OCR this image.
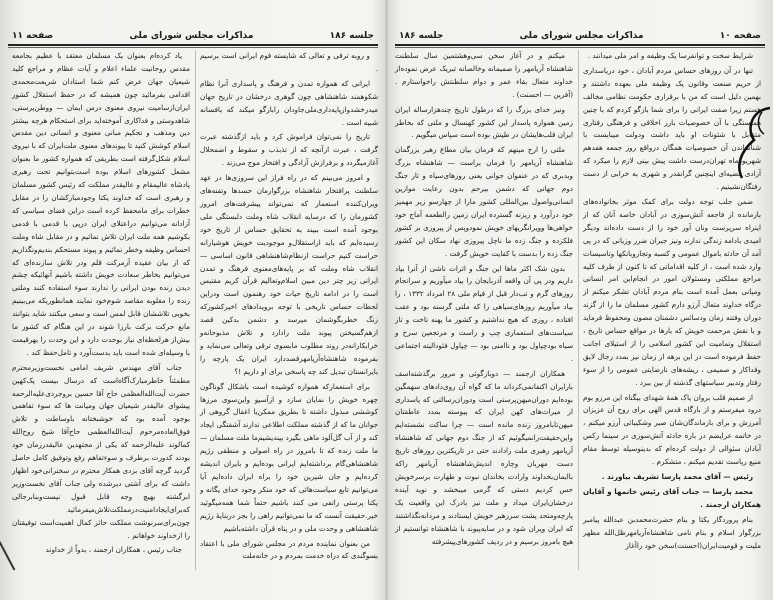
جلسه ۱۸۶
مذاکرات مجلس شورای ملی
صفحه ۱۱

و روبه ترقی و تعالی که شایسته قوم ایرانی است برسیم .

ایرانی که همواره تمدن و فرهنگ و پاسداری آنرا نظام شکوهمند شاهنشاهی چون گوهری درخشان در تاریخ جهان میدرخشد‌وازپایه‌داری‌ملی‌جاودان راباز‌گو میکند که بافسانه شبیه است .

تاریخ را نمی‌توان فراموش کرد و باید ازگذشته عبرت گرفت ، عبرت ازآنچه که از تذبذب و سقوط و اضمحلال آغازمیگردد و برفرازش آزادگی و افتخار موج می‌زند .

و امروز می‌بینم که در راه فراز این سروزی‌ها در عهد سلطنت پرافتخار شاهنشاه بزرگوارمان حسدها وتفنه‌های ویران‌کننده استعمار که نمی‌تواند پیشرفت‌های امروز کشورمان را که درسایه انقلاب شاه وملت دلبستگی ملی بوجود آمده است ببیند به تحقایق حساس از تاریخ خود رسیده‌ایم که باید ازاستقلال‌و موجودیت خویش هوشیارانه حراست کنیم حراست ازنظام‌شاهنشاهی قانون اساسی — انقلاب شاه وملت که بر پایه‌های‌معنوی فرهنگ و تمدن ایرانی زیر چتر دین مبین اسلام‌وتعالیم قرآن کریم مقتبس است را در ادامه تاریخ حیات خود رهنمون است ودراین لحظات حساس تاریخی با توجه برویدادهای اخیرکشورکه زنگ خطربگوشمان میرسد و دشمن بدکین قصد ازهم‌گسیختن پیوند ملت رادارد و تلاش مذبوحانه‌و خرابکارانه‌در روند مطلوب مابسوی ترقی وتعالی می‌نماید و بفرموده شاهنشاه‌آریامهرقصددارد ایران یک پارچه را بایرانستان تبدیل کند چه پاسخی برای او داریم !؟

برای استعمارکه همواره کوشیده است باشکال گوناگون چهره خویش را نمایان سازد و ازآسیو واین‌سوی مرزها کوششی مبذول داشته تا بطریق ممکن‌یا اغفال گروهی از جوانان ما که از گذشته مملکت اطلاعی ندارند آشفتگی ایجاد کند و از آب گل‌آلود ماهی بگیرد بپندیشیم‌ما ملت مسلمان — ما ملت زنده که تا بامروز در راه اصولی و منطقی رژیم شاهنشاهی‌گام برداشته‌ایم ایرانی بوده‌ایم و بایران اندیشه کرده‌ایم و جان شیرین خود را براه ایران داده‌ایم آیا می‌توانیم تابع سیاست‌هائی که خود منکر وجود خدای یگانه و یکتا پرستی راتفی می کنند باشیم حتماً شما همه‌میگوئید خیر.حقیقت آنست که ما نمی‌توانیم راهی را بجز دربنایهٔ رژیم شاهنشاهی و وحدت ملی و در پناه قرآن داشته‌باشیم

من بعنوان نماینده مردم در مجلس شورای ملی با اعتقاد بسوگندی که دراه خدمت بمردم و در خانه‌ملت

یاد کرده‌ام بعنوان یک مسلمان معتقد با عظیم بجامعه مقدس روحانیت علماء اعلام و آیات عظام و مراجع کلید شیعیان جهان عرض کنم شما استادان شریعت‌محمدی اقدامی بفرمائید چون همیشه که در حفظ استقلال کشور ایران‌ازسامیت نیروی معنوی درس ایمان — ووطن‌پرستی، شاهدوستی و فداکاری آموخته‌اید برای استحکام هرچه بیشتر دین ومذهب و تحکیم مبانی معنوی و انسانی دین مقدس اسلام کوشش کنید تا پیوندهای معنوی ملت‌ایران که با نیروی اسلام شکل‌گرفته است بطریقی که همواره کشور ما بعنوان مشعل کشورهای اسلام بوده است‌بتوانیم تحت رهبری پادشاه عالیمقام و عالیقدر مملکت که رئیس کشور مسلمان و رهبری است که خداوند یکتا وجودمبارکشان را در مقابل خطرات برای مامحفظ کرده است دراین فضای سیاسی که آزادانه می‌توانیم دراعتلای ایران درپی با قدمی با قدمی بکوشیم همه ملت ایران تلاش نمائیم و در مقابل شاه وملت احساس وظیفه وخطر نمائیم و پیوند مستحکم بندیم‌ونگذاریم که از بیان عقیده آزمرکت قلم ودر تلاش سازنده‌ای که می‌توانیم بخاطر سعادت خویش داشته باشیم آنهائیکه چشم دیدن زنده بودن ایرانی را ندارند سوء استفاده کنند وملتی زنده را مغلوبه مقاصد شوم‌خود نمایند همانطوریکه می‌بینیم بخوبی تلاششان قابل لمس است و سعی میکنند شاید بتوانند مانع حرکت برکت بارزا شوند در این هنگام که کشور ما بیش‌از هرلحظه‌ای نیاز بوحدت دارد و این وحدت را بهرقیمت با وسیله‌ای شده است باید بدست‌آورد و تامل‌حفظ کند .

جناب آقای مهندس شریف امامی نخست‌وزیرمحترم مطمئناً خاطرمبارک‌آگاه‌است که درسال بیست یک‌کهین حضرت آیت‌الله‌العظمی حاج آقا حسین بروجردی‌علیه‌الرحمه پیشوای عالیقدر شیعیان جهان ومیانت ها که سوء تفاهمی بوجود آمده بود که خوشبختانه باوساطت و تلاش فوق‌العاده‌مرحوم آیت‌الله‌العظمی حاج‌آقا شیخ روح‌الله کمالوند علیه‌الرحمه که یکی از مجتهدین عالیقدرزمان خود بودند کدورت برطرف و سوء‌تفاهم رفع وتوفیق کامل حاصل گردید گرچه آقای بزدی همکار محترم در سخنرانی‌خود اظهار داشت که برای آشتی دیرشده ولی جناب آقای نخست‌وزیر ابرگشته بهیچ وجه قابل قبول نیست‌وبنابرجالی که‌برای‌ایجادامنیت‌درمملکت‌تلاش‌میفرمائید چون‌برای‌سرنوشت مملکت حائز کمال اهمیت‌است توفیقتان را ازخداوند خواهانم .

جناب رئیس ، همکاران ارجمند ، بدواً از خداوند

صفحه ۱۰
مذاکرات مجلس شورای ملی
جلسه ۱۸۶

شرایط سخت و توانفرسا یک وظیفه و امر ملی میدانند .

تنها در آن روزهای حساس مردم آبادان ، خود دریاسداری از حریم صنعت وقانون یک وظیفه ملی بعهده داشتند و بهمین دلیل است که من با برقراری حکومت نظامی مخالف هستم زیرا صفت ایرانی را برای شما بازگو کردم که با چنین همبستگی با آن خصوصیات بارز اخلاقی و فرهنگی رفتاری متقابل با شئونات او باید داشت ودولت میبایست با شناساندن آن خصوصیات همگان درواقع روز جمعه هفدهم شهریورماه تهران‌درست داشت پیش بینی لازم را میکرد که آزادی قضیه‌ای اینچنین گرانقدر و شهری به خرابی از دست رفتگان‌نشینیم .

ضمن جلب توجه دولت برای کمک موثر بخانواده‌های بازمانده از فاجعه آتش‌سوزی در آبادان خاصه آنان که از اینراه سرپرست ونان آور خود را از دست داده‌اند ودیگر امیدی بادامه زندگی ندارند ونیز جبران ضرر وزیانی که در پی آمد آن حادثه باموال عمومی و کسبه وتجاروبانکها وتاسیسات وارد شده است ، از کلیه اقداماتی که تا کنون از طرف کلیه مراجع مملکتی ومسئولان امور در انجام‌این امر انسانی ومیانی بعمل آمده است بنام مردم آبادان تشکر میکنم از درگاه خداوند متعال آرزو دارم کشور مسلمان ما را از گزند دوران وفتنه زمان ودسائس دشمنان مصون ومحفوظ فرماید و با نقش مرحمت خویش که بارها در مواقع حساس تاریخ ، استقلال وتمامیت این کشور اسلامی را از استیلای اجانب حفظ فرموده است در این برهه از زمان نیز بمدد رجال لایق وفداکار و صمیمی ، ریشه‌های نارضایتی عمومی را از سوء رفتار وتدبیر سیاستهای گذشته از بین ببرد .

از صمیم قلب بروان پاک همهٔ شهدای بیگناه این مرزو بوم درود میفرستم و از بارگاه قدس الهی برای روح آن عزیزان آمرزش و برای بازماندگان‌شان صبر وشکیبائی آرزو میکنم ، در خاتمه عرایضم در باره حادثه آتش‌سوزی در سینما رکس آبادان سئوالی از دولت کرده‌ام که بدینوسیله توسط مقام منیع ریاست تقدیم میکنم ، متشکرم .

رئیس — آقای محمد پارسا تشریف بیاورند .

محمد پارسا — جناب آقای رئیس خانمها و آقایان همکاران ارجمند .

بنام پروردگار یکتا و بنام حضرت‌محمدبن عبدالله پیامبر بزرگوار اسلام و بنام نامی شاهنشاه‌آریامهر‌ظل‌الله مظهر ملیت و قومیت‌ایران(احسنت)سخن خود راآغاز

میکنم و در آغاز سخن سی‌وهشتمین سال سلطنت شاهنشاه آریامهر را صمیمانه وخالصانه تبریک عرض نموده‌از خداوند متعال بقاء عمر و دوام سلطنتش راخواستارم . (آفرین — احسنت) .

ونیز خدای بزرگ را که درطول تاریخ چندهزارساله ایران زمین همواره پاسدار این کشور کهنسال و ملتی که بخاطر ایران قلب‌هایشان در طپش بوده است سپاس میگویم .

ملتی را ارج مینهم که فرمان بیان مطاع رهبر بزرگمان شاهنشاه آریامهر را فرمان براست — شاهنشاه بزرگ وبدبری که در عنفوان جوانی یعنی روزهای‌سیاه و تار جنگ دوم جهانی که دشمن بیرحم بدون رعایت موازین انسانی‌واصول بین‌المللی کشور مارا از چهارسو زیر مهمیز خود درآورد و ریزنه گسترده ایران زمین رالطعمه آماج خود خواهی‌ها وویرانگریهای خویش نمودو‌پس از پیروزی بر کشور فلکزده و جنگ زده ما ناچل پیروزی نهاد سکان این کشور جنگ زده را بدست با کفایت خویش گرفت .

بدون شک اکثر ماها این جنگ و اثرات ناشی از آنرا بیاد داریم ودر پی آن واقعه آذربایجان را بیاد میآوریم و سرانجام روزهای گرم و تب‌دار قبل از قیام ملی ۲۸ امرداد ۱۳۳۲ ، را بیاد میآوریم روزهای‌سیاهی را که ملتی گرسنه بود و عقب افتاده ، روزی که هیچ نداشتیم و کشور ما پهنه تاخت و تاز سیاست‌های استعماری چپ و راست و مرتجعین سرخ و سیاه بود‌چپاول بود و ناامنی بود — چپاول فئودالیته اجتماعی .

همکاران ارجمند — دوبازگوئی و مرور برگذشته‌اسف بارایران اکتفانمی‌کرداند ما که گواه آن روی‌دادهای سهمگین بوده‌ایم دوران‌میهن‌پرستی است ودوران‌رسالتی که پاسداری از میراث‌های کهن ایران که پیوسته بمدد عاطفتان میهن‌تابامروز زنده مانده است — چرا ساکت نشسته‌ایم واین‌حقیقت‌رانمیگوئیم که از جنگ دوم جهانی که شاهنشاه آریامهر رهبری ملت رادادند حتی در تاریکترین روزهای تاریخ دست مهربان وچاره اندیش‌شاهنشاه آریامهر راکه باایمان‌بخداوند وارادت بخاندان نبوت و طهارت برسرخویش حس کردیم دستی که گرمی میبخشد و نوید آینده درخشان‌ایران میداد و ملت نیز بادرک این واقعیت یک پارچه‌ومتحد پشت سررهبر خویش ایستادند و مردانه‌نگذاشتند که ایران ویران شود و در سایه‌پیوند با شاهنشاه توانستیم از هیچ بامروز برسیم و در ردیف کشورهای‌پیشرفته
